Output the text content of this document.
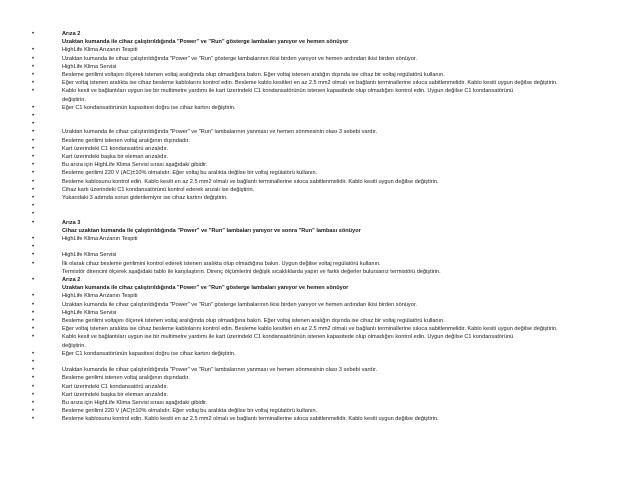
•	Arıza 2
Uzaktan kumanda ile cihaz çalıştırıldığında "Power" ve "Run" gösterge lambaları yanıyor ve hemen sönüyor
•	HighLife Klima Arızanın Tespiti
•	Uzaktan kumanda ile cihaz çalıştırıldığında "Power" ve "Run" gösterge lambalarının ikisi birden yanıyor ve hemen ardından ikisi birden sönüyor.
•	HighLife Klima Servisi
•	Besleme gerilimi voltajını ölçerek istenen voltaj aralığında olup olmadığına bakın. Eğer voltaj istenen aralığın dışında ise cihaz bir voltaj regülatörü kullanın.
•	Eğer voltaj istenen aralıkta ise cihaz besleme kablolarını kontrol edin. Besleme kablo kesitleri en az 2.5 mm2 olmalı ve bağlantı terminallerine sıkıca sabitlenmelidir. Kablo kesiti uygun değilse değiştirin.
•	Kablo kesit ve bağlantıları uygun ise bir multimetre yardımı ile kart üzerindeki C1 kondansatörünün istenen kapasitede olup olmadığını kontrol edin. Uygun değilse C1 kondansatörünü
değiştirin.
•	Eğer C1 kondansatörünün kapasitesi doğru ise cihaz kartını değiştirin.
•
•
•	Uzaktan kumanda ile cihaz çalıştırıldığında "Power" ve "Run" lambalarının yanması ve hemen sönmesinin olası 3 sebebi vardır.
•	Besleme gerilimi istenen voltaj aralığının dışındadır.
•	Kart üzerindeki C1 kondansatörü arızalıdır.
•	Kart üzerindeki başka bir eleman arızalıdır.
•	Bu arıza için HighLife Klima Servisi sırası aşağıdaki gibidir.
•	Besleme gerilimi 220 V (AC)±10% olmalıdır. Eğer voltaj bu aralıkta değilse bir voltaj regülatörü kullanın.
•	Besleme kablosunu kontrol edin. Kablo kesiti en az 2.5 mm2 olmalı ve bağlantı terminallerine sıkıca sabitlenmelidir. Kablo kesiti uygun değilse değiştirin.
•	Cihaz kartı üzerindeki C1 kondansatörünü kontrol ederek arızalı ise değiştirin.
•	Yukarıdaki 3 adımda sorun giderilemiyor ise cihaz kartını değiştirin.
•
•
•	Arıza 3
Cihaz uzaktan kumanda ile çalıştırıldığında "Power" ve "Run" lambaları yanıyor ve sonra "Run" lambası sönüyor
•	HighLife Klima Arızanın Tespiti
•
•	HighLife Klima Servisi
•	İlk olarak cihaz besleme gerilimini kontrol ederek istenen aralıkta olup olmadığına bakın. Uygun değilse voltaj regülatörü kullanın.
Termistör direncini ölçerek aşağıdaki tablo ile karşılaştırın. Direnç ölçümlerini değişik sıcaklıklarda yapın ve farklı değerler bulursanız termistörü değiştirin.
•	Arıza 2
Uzaktan kumanda ile cihaz çalıştırıldığında "Power" ve "Run" gösterge lambaları yanıyor ve hemen sönüyor
•	HighLife Klima Arızanın Tespiti
•	Uzaktan kumanda ile cihaz çalıştırıldığında "Power" ve "Run" gösterge lambalarının ikisi birden yanıyor ve hemen ardından ikisi birden sönüyor.
•	HighLife Klima Servisi
•	Besleme gerilimi voltajını ölçerek istenen voltaj aralığında olup olmadığına bakın. Eğer voltaj istenen aralığın dışında ise cihaz bir voltaj regülatörü kullanın.
•	Eğer voltaj istenen aralıkta ise cihaz besleme kablolarını kontrol edin. Besleme kablo kesitleri en az 2.5 mm2 olmalı ve bağlantı terminallerine sıkıca sabitlenmelidir. Kablo kesiti uygun değilse değiştirin.
•	Kablo kesit ve bağlantıları uygun ise bir multimetre yardımı ile kart üzerindeki C1 kondansatörünün istenen kapasitede olup olmadığını kontrol edin. Uygun değilse C1 kondansatörünü
değiştirin.
•	Eğer C1 kondansatörünün kapasitesi doğru ise cihaz kartını değiştirin.
•
•	Uzaktan kumanda ile cihaz çalıştırıldığında "Power" ve "Run" lambalarının yanması ve hemen sönmesinin olası 3 sebebi vardır.
•	Besleme gerilimi istenen voltaj aralığının dışındadır.
•	Kart üzerindeki C1 kondansatörü arızalıdır.
•	Kart üzerindeki başka bir eleman arızalıdır.
•	Bu arıza için HighLife Klima Servisi sırası aşağıdaki gibidir.
•	Besleme gerilimi 220 V (AC)±10% olmalıdır. Eğer voltaj bu aralıkta değilse bir voltaj regülatörü kullanın.
•	Besleme kablosunu kontrol edin. Kablo kesiti en az 2.5 mm2 olmalı ve bağlantı terminallerine sıkıca sabitlenmelidir. Kablo kesiti uygun değilse değiştirin.
